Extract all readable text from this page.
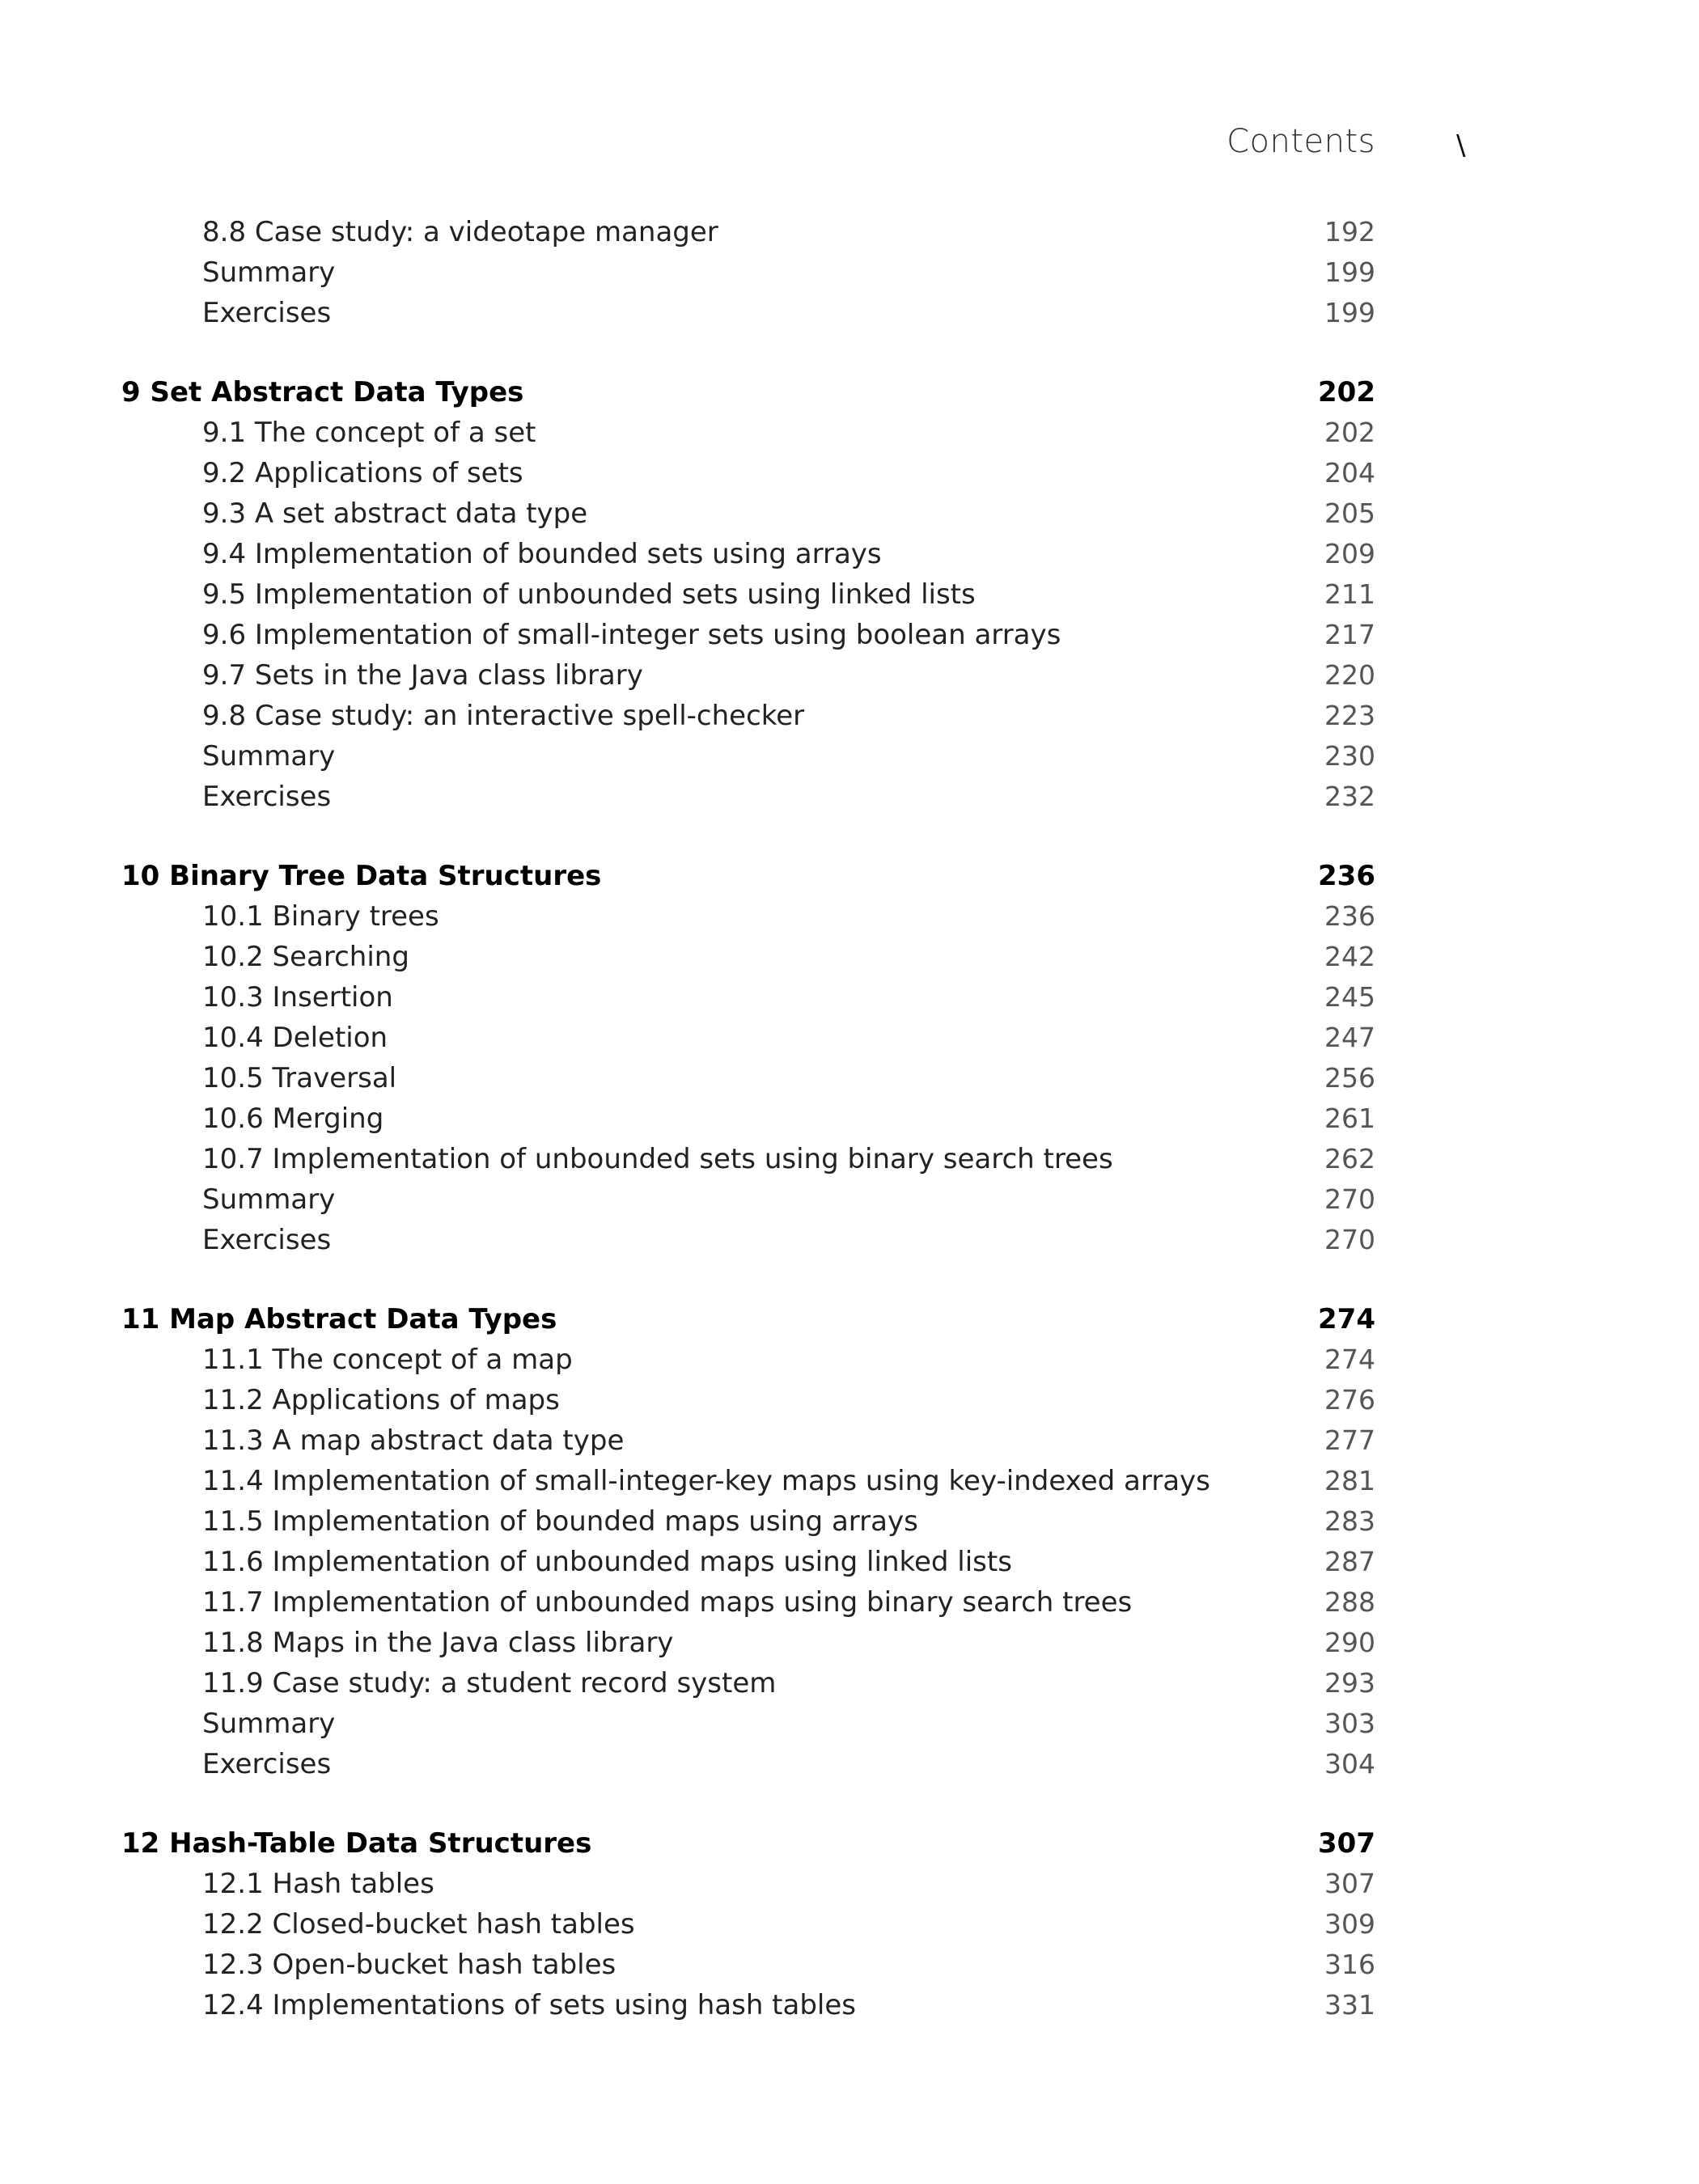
Contents	\
8.8 Case study: a videotape manager	192
Summary	199
Exercises	199
9 Set Abstract Data Types	202
9.1 The concept of a set	202
9.2 Applications of sets	204
9.3 A set abstract data type	205
9.4 Implementation of bounded sets using arrays	209
9.5 Implementation of unbounded sets using linked lists	211
9.6 Implementation of small-integer sets using boolean arrays	217
9.7 Sets in the Java class library	220
9.8 Case study: an interactive spell-checker	223
Summary	230
Exercises	232
10 Binary Tree Data Structures	236
10.1 Binary trees	236
10.2 Searching	242
10.3 Insertion	245
10.4 Deletion	247
10.5 Traversal	256
10.6 Merging	261
10.7 Implementation of unbounded sets using binary search trees	262
Summary	270
Exercises	270
11 Map Abstract Data Types	274
11.1 The concept of a map	274
11.2 Applications of maps	276
11.3 A map abstract data type	277
11.4 Implementation of small-integer-key maps using key-indexed arrays	281
11.5 Implementation of bounded maps using arrays	283
11.6 Implementation of unbounded maps using linked lists	287
11.7 Implementation of unbounded maps using binary search trees	288
11.8 Maps in the Java class library	290
11.9 Case study: a student record system	293
Summary	303
Exercises	304
12 Hash-Table Data Structures	307
12.1 Hash tables	307
12.2 Closed-bucket hash tables	309
12.3 Open-bucket hash tables	316
12.4 Implementations of sets using hash tables	331
